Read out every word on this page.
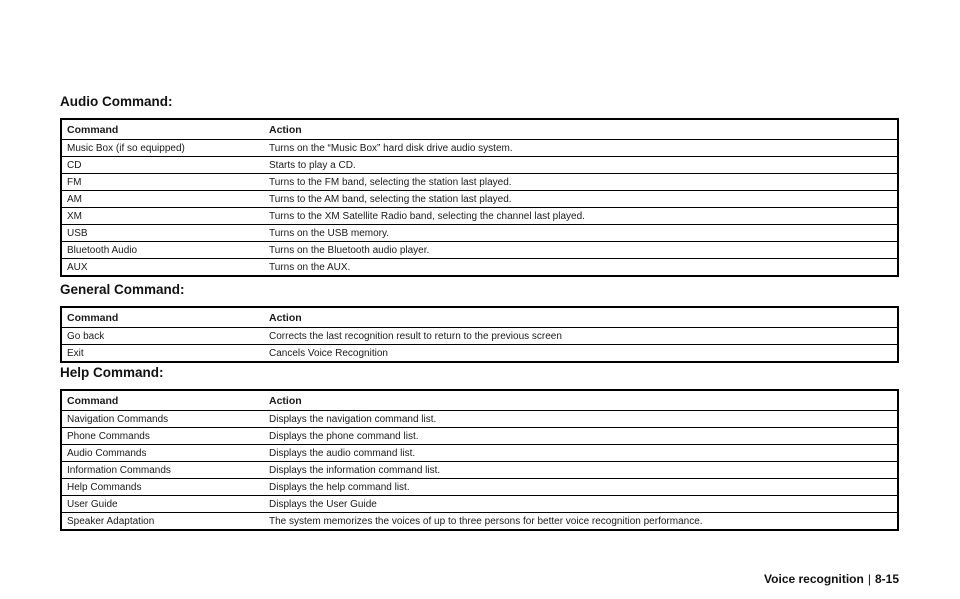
Audio Command:
Command	Action
Music Box (if so equipped)	Turns on the “Music Box” hard disk drive audio system.
CD	Starts to play a CD.
FM	Turns to the FM band, selecting the station last played.
AM	Turns to the AM band, selecting the station last played.
XM	Turns to the XM Satellite Radio band, selecting the channel last played.
USB	Turns on the USB memory.
Bluetooth Audio	Turns on the Bluetooth audio player.
AUX	Turns on the AUX.
General Command:
Command	Action
Go back	Corrects the last recognition result to return to the previous screen
Exit	Cancels Voice Recognition
Help Command:
Command	Action
Navigation Commands	Displays the navigation command list.
Phone Commands	Displays the phone command list.
Audio Commands	Displays the audio command list.
Information Commands	Displays the information command list.
Help Commands	Displays the help command list.
User Guide	Displays the User Guide
Speaker Adaptation	The system memorizes the voices of up to three persons for better voice recognition performance.
Voice recognition | 8-15
